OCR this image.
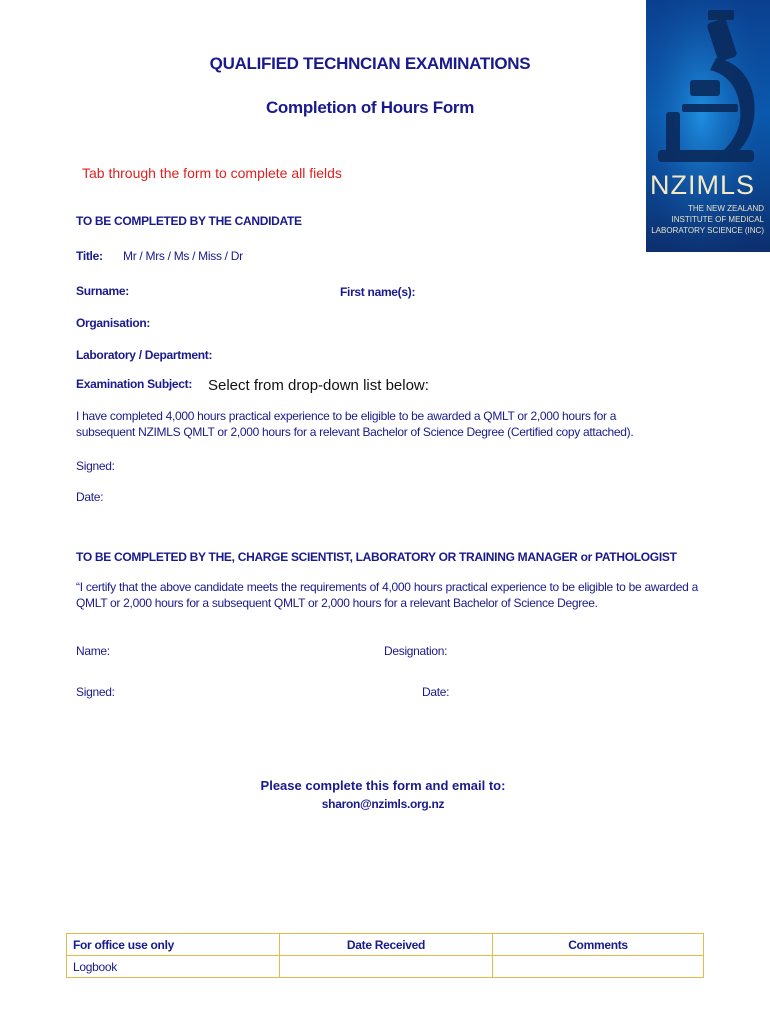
NZIMLS
THE NEW ZEALAND
INSTITUTE OF MEDICAL
LABORATORY SCIENCE (INC)
QUALIFIED TECHNCIAN EXAMINATIONS
Completion of Hours Form
Tab through the form to complete all fields
TO BE COMPLETED BY THE CANDIDATE
Title: Mr / Mrs / Ms / Miss / Dr
Surname:	First name(s):
Organisation:
Laboratory / Department:
Examination Subject: Select from drop-down list below:
I have completed 4,000 hours practical experience to be eligible to be awarded a QMLT or 2,000 hours for a subsequent NZIMLS QMLT or 2,000 hours for a relevant Bachelor of Science Degree (Certified copy attached).
Signed:
Date:
TO BE COMPLETED BY THE, CHARGE SCIENTIST, LABORATORY OR TRAINING MANAGER or PATHOLOGIST
“I certify that the above candidate meets the requirements of 4,000 hours practical experience to be eligible to be awarded a QMLT or 2,000 hours for a subsequent QMLT or 2,000 hours for a relevant Bachelor of Science Degree.
Name:	Designation:
Signed:	Date:
Please complete this form and email to:
sharon@nzimls.org.nz
For office use only	Date Received	Comments
Logbook		
